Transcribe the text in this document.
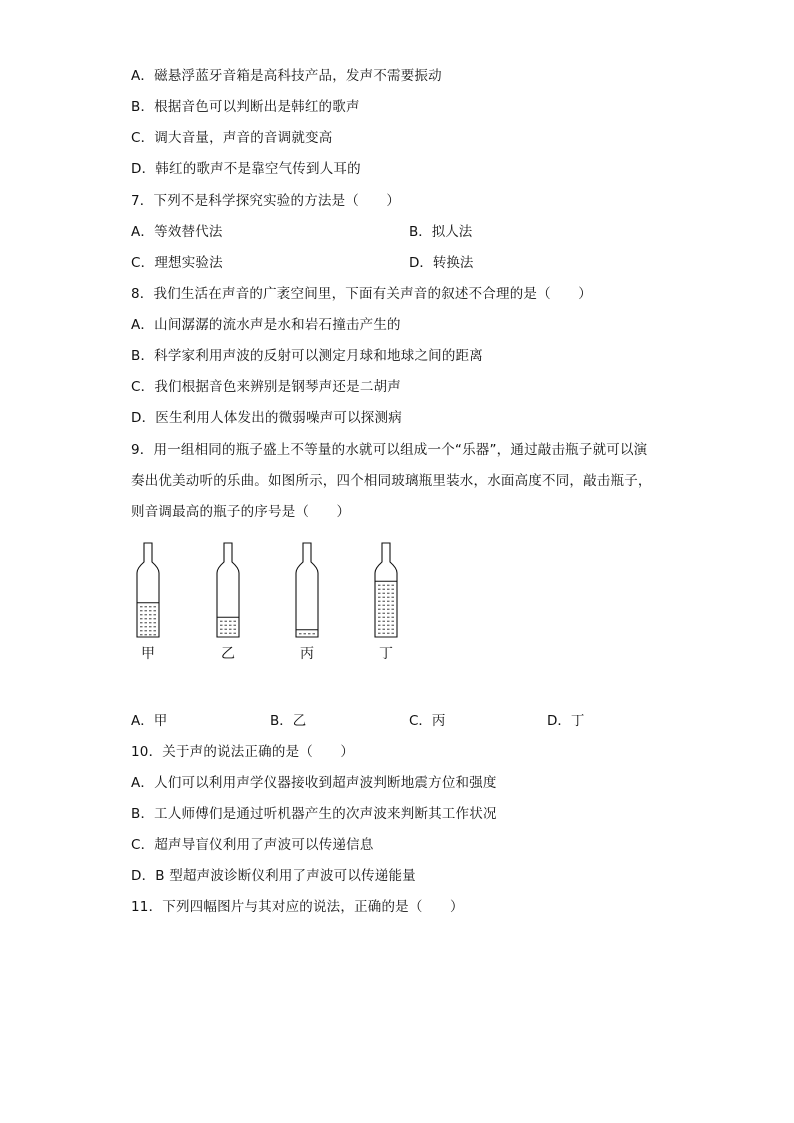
A．磁悬浮蓝牙音箱是高科技产品，发声不需要振动
B．根据音色可以判断出是韩红的歌声
C．调大音量，声音的音调就变高
D．韩红的歌声不是靠空气传到人耳的
7．下列不是科学探究实验的方法是（　　）
A．等效替代法	B．拟人法
C．理想实验法	D．转换法
8．我们生活在声音的广袤空间里，下面有关声音的叙述不合理的是（　　）
A．山间潺潺的流水声是水和岩石撞击产生的
B．科学家利用声波的反射可以测定月球和地球之间的距离
C．我们根据音色来辨别是钢琴声还是二胡声
D．医生利用人体发出的微弱噪声可以探测病
9．用一组相同的瓶子盛上不等量的水就可以组成一个“乐器”，通过敲击瓶子就可以演
奏出优美动听的乐曲。如图所示，四个相同玻璃瓶里装水，水面高度不同，敲击瓶子，
则音调最高的瓶子的序号是（　　）
甲	乙	丙	丁
A．甲	B．乙	C．丙	D．丁
10．关于声的说法正确的是（　　）
A．人们可以利用声学仪器接收到超声波判断地震方位和强度
B．工人师傅们是通过听机器产生的次声波来判断其工作状况
C．超声导盲仪利用了声波可以传递信息
D．B 型超声波诊断仪利用了声波可以传递能量
11．下列四幅图片与其对应的说法，正确的是（　　）
